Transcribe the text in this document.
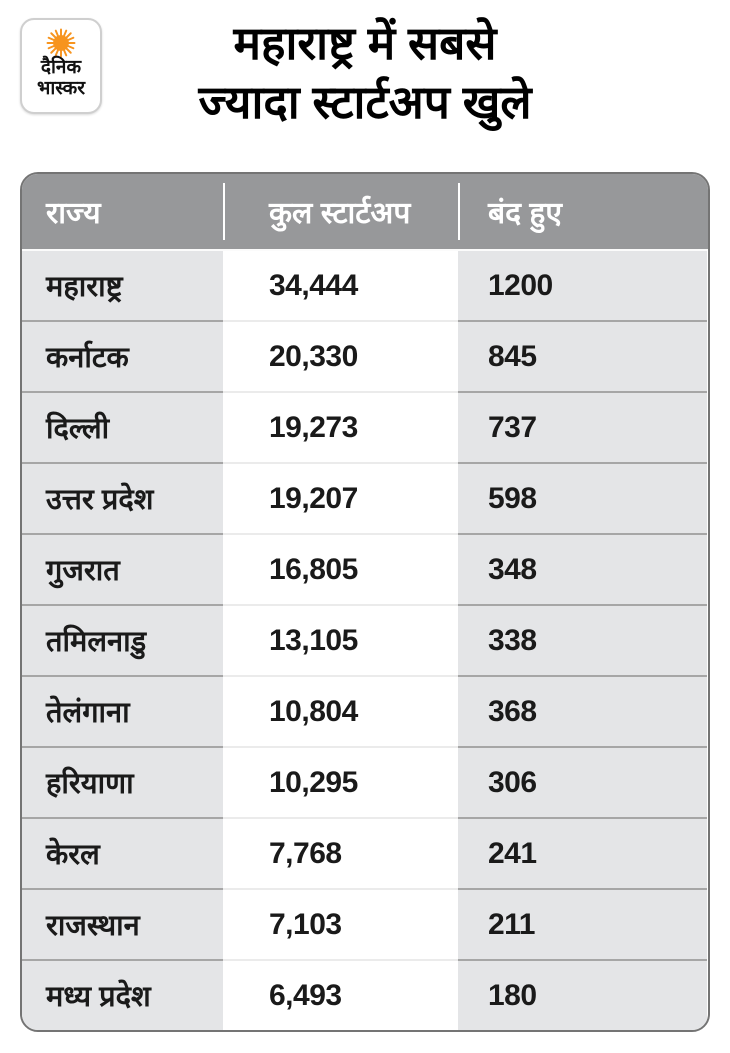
दैनिक
भास्कर
महाराष्ट्र में सबसे
ज्यादा स्टार्टअप खुले
राज्य	कुल स्टार्टअप	बंद हुए
महाराष्ट्र	34,444	1200
कर्नाटक	20,330	845
दिल्ली	19,273	737
उत्तर प्रदेश	19,207	598
गुजरात	16,805	348
तमिलनाडु	13,105	338
तेलंगाना	10,804	368
हरियाणा	10,295	306
केरल	7,768	241
राजस्थान	7,103	211
मध्य प्रदेश	6,493	180
